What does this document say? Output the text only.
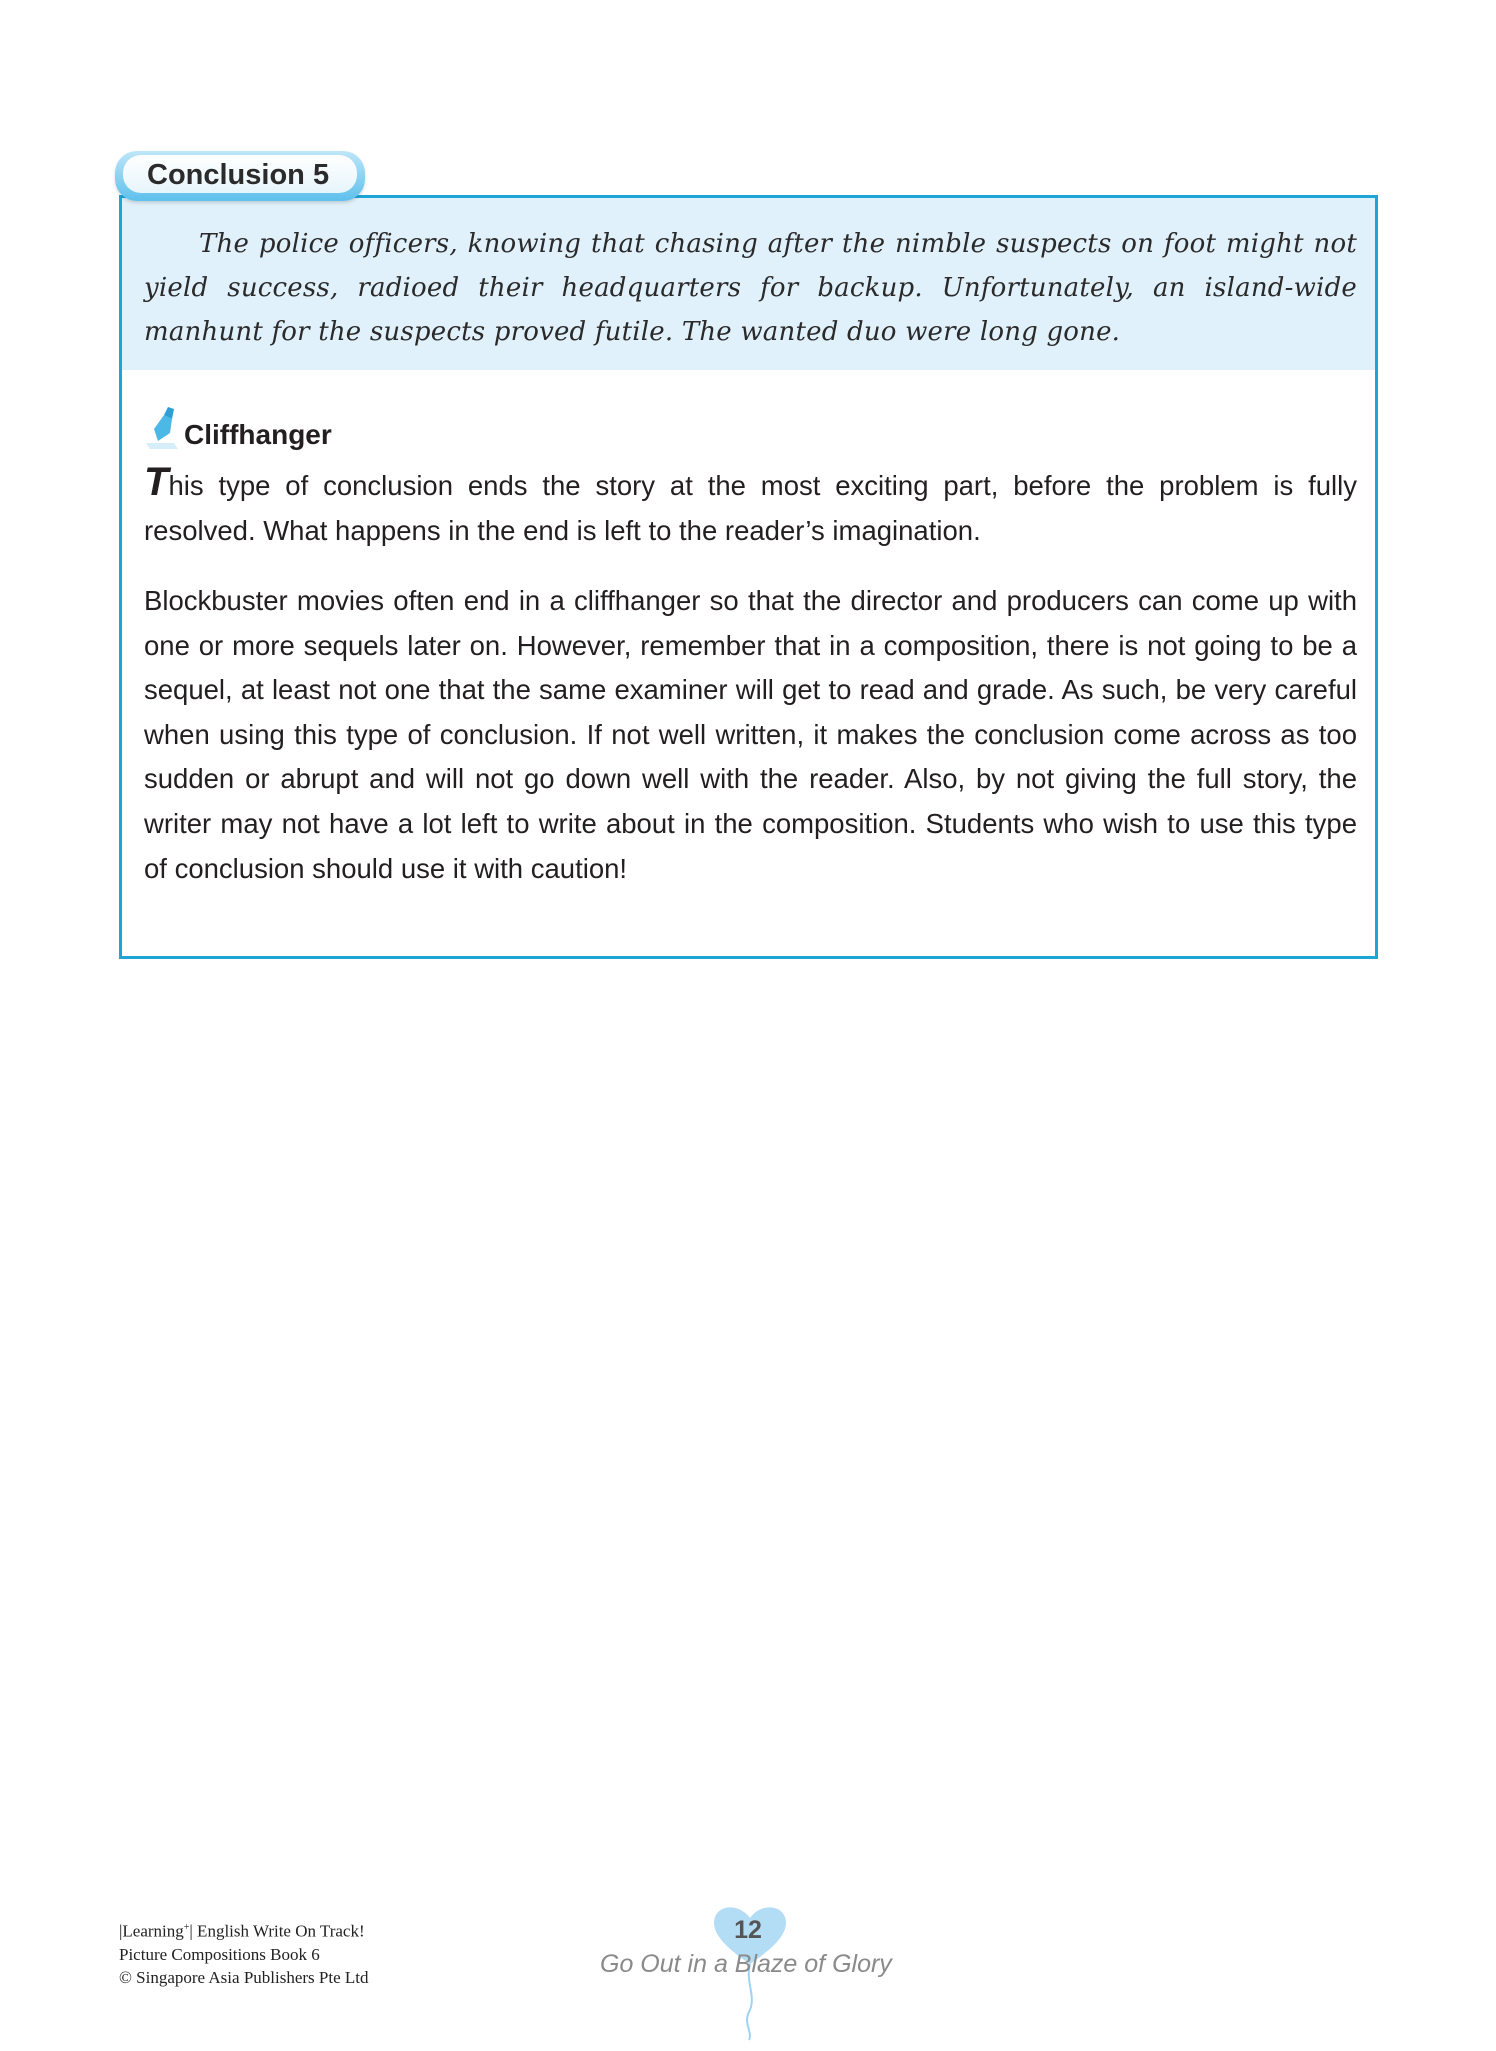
The police officers, knowing that chasing after the nimble suspects on foot might not yield success, radioed their headquarters for backup. Unfortunately, an island-wide manhunt for the suspects proved futile. The wanted duo were long gone.
Cliffhanger
This type of conclusion ends the story at the most exciting part, before the problem is fully resolved. What happens in the end is left to the reader’s imagination.
Blockbuster movies often end in a cliffhanger so that the director and producers can come up with one or more sequels later on. However, remember that in a composition, there is not going to be a sequel, at least not one that the same examiner will get to read and grade. As such, be very careful when using this type of conclusion. If not well written, it makes the conclusion come across as too sudden or abrupt and will not go down well with the reader. Also, by not giving the full story, the writer may not have a lot left to write about in the composition. Students who wish to use this type of conclusion should use it with caution!
Conclusion 5
|Learning+| English Write On Track!
Picture Compositions Book 6
© Singapore Asia Publishers Pte Ltd
12
Go Out in a Blaze of Glory
